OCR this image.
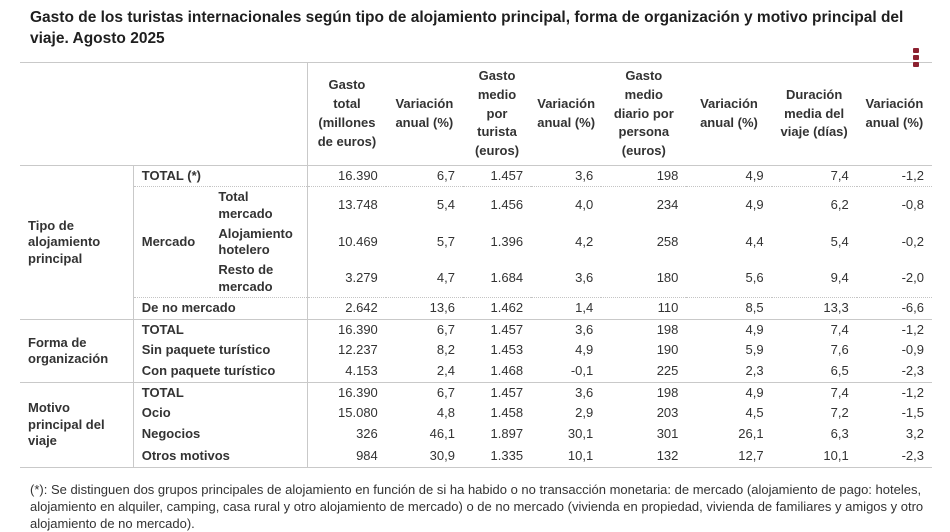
Gasto de los turistas internacionales según tipo de alojamiento principal, forma de organización y motivo principal del viaje. Agosto 2025
			Gasto total (millones de euros)	Variación anual (%)	Gasto medio por turista (euros)	Variación anual (%)	Gasto medio diario por persona (euros)	Variación anual (%)	Duración media del viaje (días)	Variación anual (%)
Tipo de alojamiento principal	TOTAL (*)		16.390	6,7	1.457	3,6	198	4,9	7,4	-1,2
	Mercado	Total mercado	13.748	5,4	1.456	4,0	234	4,9	6,2	-0,8
		Alojamiento hotelero	10.469	5,7	1.396	4,2	258	4,4	5,4	-0,2
		Resto de mercado	3.279	4,7	1.684	3,6	180	5,6	9,4	-2,0
	De no mercado		2.642	13,6	1.462	1,4	110	8,5	13,3	-6,6
Forma de organización	TOTAL		16.390	6,7	1.457	3,6	198	4,9	7,4	-1,2
	Sin paquete turístico		12.237	8,2	1.453	4,9	190	5,9	7,6	-0,9
	Con paquete turístico		4.153	2,4	1.468	-0,1	225	2,3	6,5	-2,3
Motivo principal del viaje	TOTAL		16.390	6,7	1.457	3,6	198	4,9	7,4	-1,2
	Ocio		15.080	4,8	1.458	2,9	203	4,5	7,2	-1,5
	Negocios		326	46,1	1.897	30,1	301	26,1	6,3	3,2
	Otros motivos		984	30,9	1.335	10,1	132	12,7	10,1	-2,3
(*): Se distinguen dos grupos principales de alojamiento en función de si ha habido o no transacción monetaria: de mercado (alojamiento de pago: hoteles, alojamiento en alquiler, camping, casa rural y otro alojamiento de mercado) o de no mercado (vivienda en propiedad, vivienda de familiares y amigos y otro alojamiento de no mercado).
